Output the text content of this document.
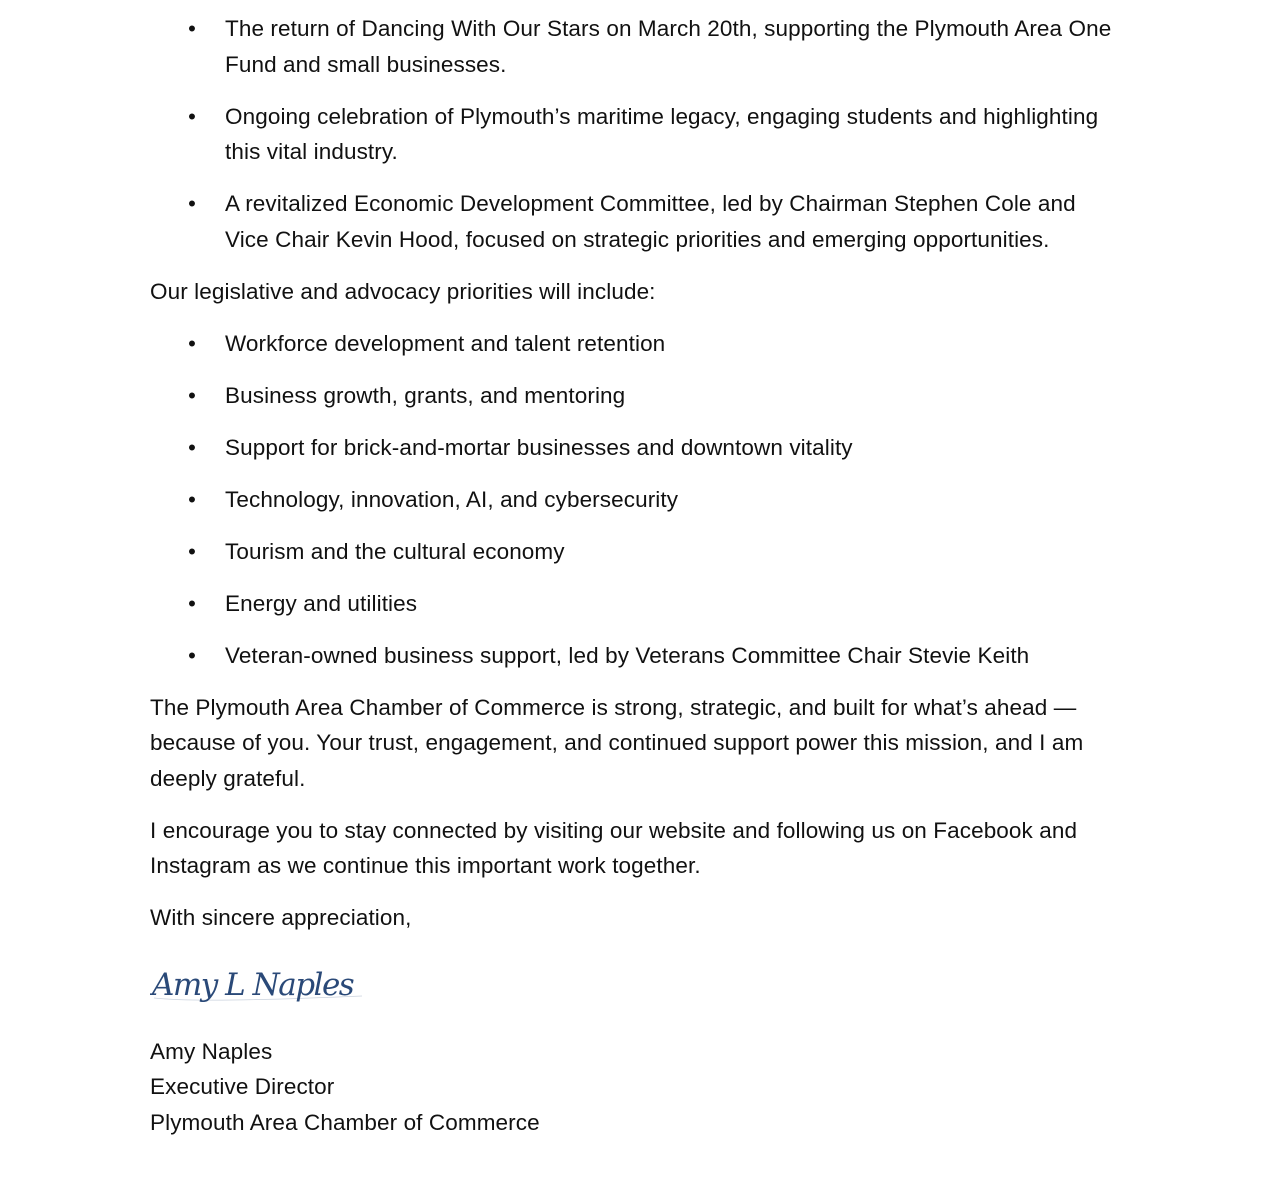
• The return of Dancing With Our Stars on March 20th, supporting the Plymouth Area One Fund and small businesses.
• Ongoing celebration of Plymouth’s maritime legacy, engaging students and highlighting this vital industry.
• A revitalized Economic Development Committee, led by Chairman Stephen Cole and Vice Chair Kevin Hood, focused on strategic priorities and emerging opportunities.

Our legislative and advocacy priorities will include:

• Workforce development and talent retention
• Business growth, grants, and mentoring
• Support for brick-and-mortar businesses and downtown vitality
• Technology, innovation, AI, and cybersecurity
• Tourism and the cultural economy
• Energy and utilities
• Veteran-owned business support, led by Veterans Committee Chair Stevie Keith

The Plymouth Area Chamber of Commerce is strong, strategic, and built for what’s ahead — because of you. Your trust, engagement, and continued support power this mission, and I am deeply grateful.

I encourage you to stay connected by visiting our website and following us on Facebook and Instagram as we continue this important work together.

With sincere appreciation,

Amy L Naples
Amy Naples
Executive Director
Plymouth Area Chamber of Commerce
